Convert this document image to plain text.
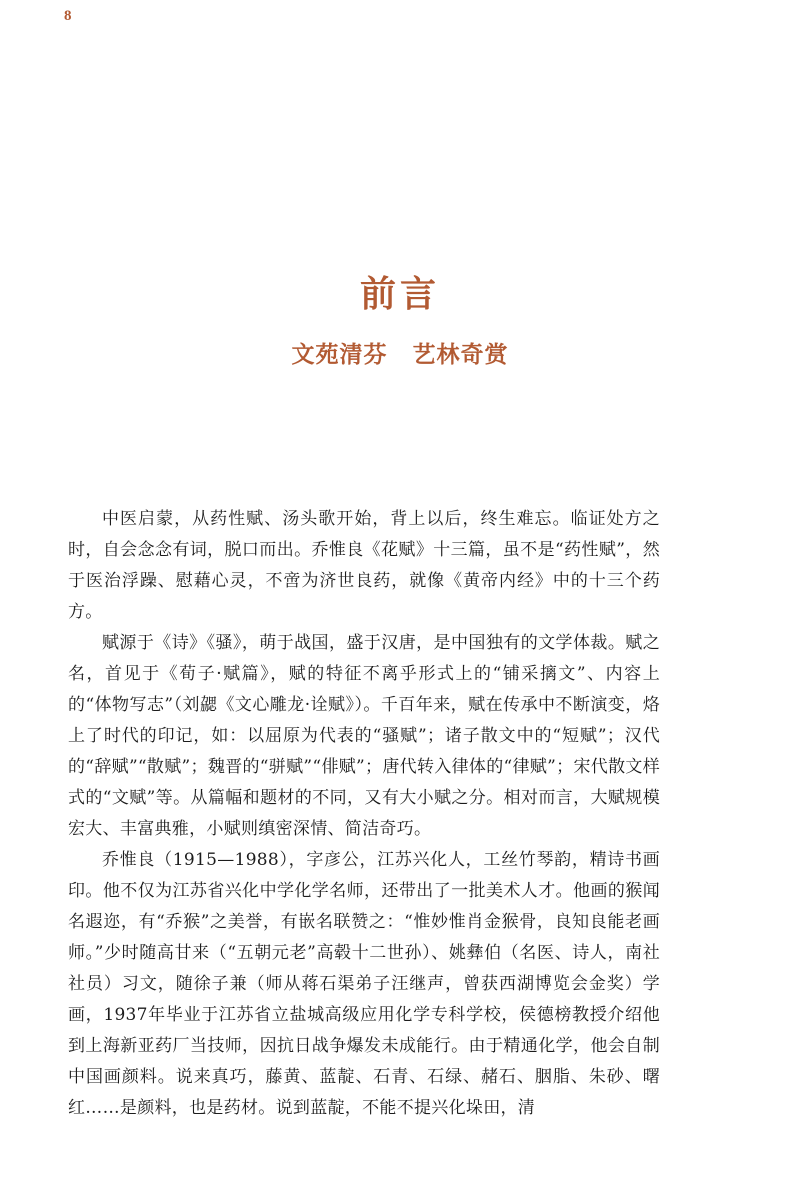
8
前言
文苑清芬 艺林奇赏

中医启蒙，从药性赋、汤头歌开始，背上以后，终生难忘。临证处方之时，自会念念有词，脱口而出。乔惟良《花赋》十三篇，虽不是“药性赋”，然于医治浮躁、慰藉心灵，不啻为济世良药，就像《黄帝内经》中的十三个药方。

赋源于《诗》《骚》，萌于战国，盛于汉唐，是中国独有的文学体裁。赋之名，首见于《荀子·赋篇》，赋的特征不离乎形式上的“铺采摛文”、内容上的“体物写志”（刘勰《文心雕龙·诠赋》）。千百年来，赋在传承中不断演变，烙上了时代的印记，如：以屈原为代表的“骚赋”；诸子散文中的“短赋”；汉代的“辞赋”“散赋”；魏晋的“骈赋”“俳赋”；唐代转入律体的“律赋”；宋代散文样式的“文赋”等。从篇幅和题材的不同，又有大小赋之分。相对而言，大赋规模宏大、丰富典雅，小赋则缜密深情、简洁奇巧。

乔惟良（1915—1988），字彦公，江苏兴化人，工丝竹琴韵，精诗书画印。他不仅为江苏省兴化中学化学名师，还带出了一批美术人才。他画的猴闻名遐迩，有“乔猴”之美誉，有嵌名联赞之：“惟妙惟肖金猴骨，良知良能老画师。”少时随高甘来（“五朝元老”高毂十二世孙）、姚彝伯（名医、诗人，南社社员）习文，随徐子兼（师从蒋石渠弟子汪继声，曾获西湖博览会金奖）学画，1937年毕业于江苏省立盐城高级应用化学专科学校，侯德榜教授介绍他到上海新亚药厂当技师，因抗日战争爆发未成能行。由于精通化学，他会自制中国画颜料。说来真巧，藤黄、蓝靛、石青、石绿、赭石、胭脂、朱砂、曙红……是颜料，也是药材。说到蓝靛，不能不提兴化垛田，清
